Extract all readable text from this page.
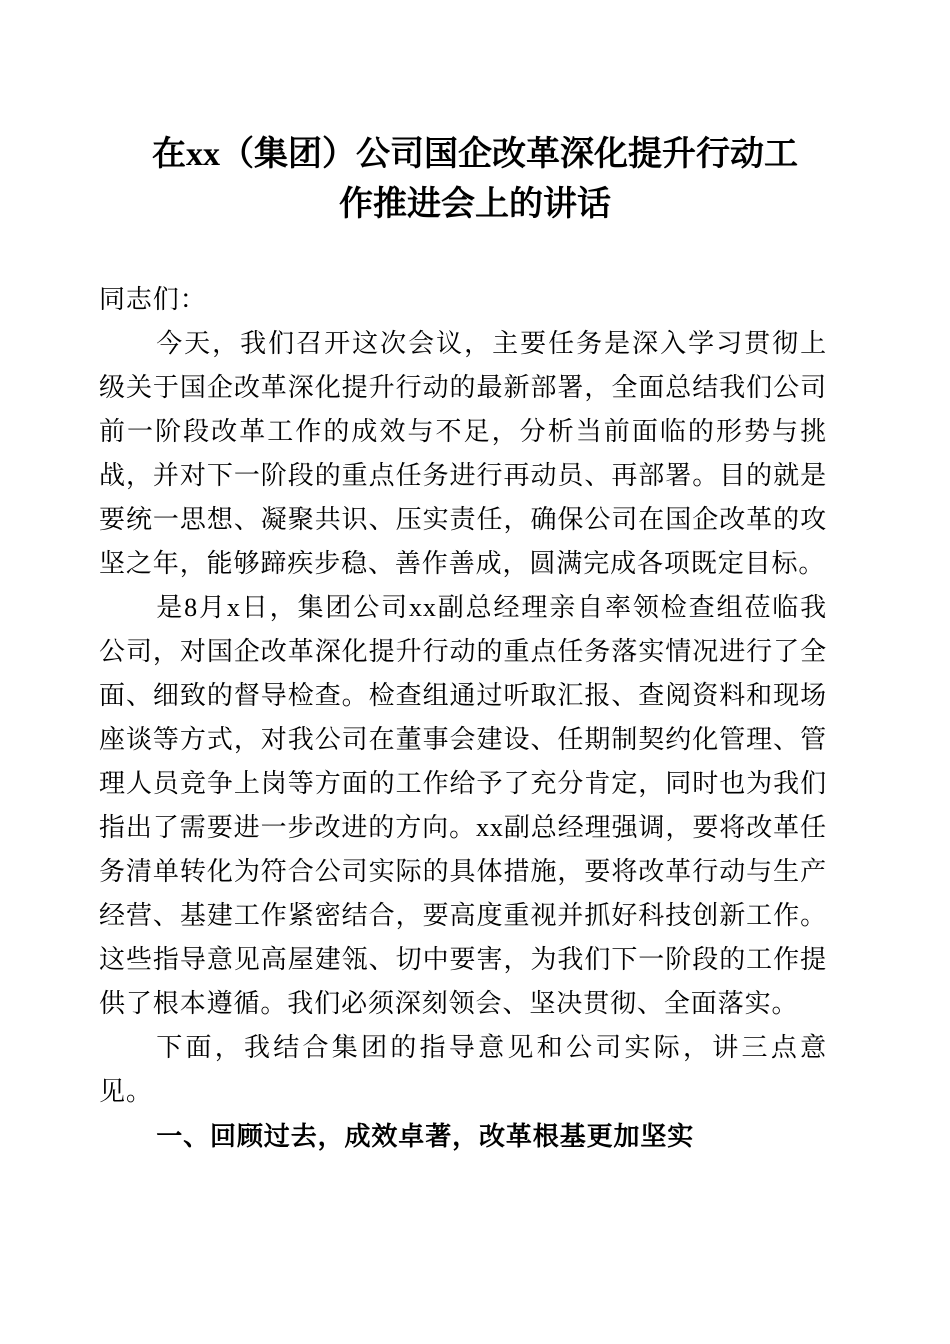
在xx（集团）公司国企改革深化提升行动工作推进会上的讲话

同志们：

今天，我们召开这次会议，主要任务是深入学习贯彻上级关于国企改革深化提升行动的最新部署，全面总结我们公司前一阶段改革工作的成效与不足，分析当前面临的形势与挑战，并对下一阶段的重点任务进行再动员、再部署。目的就是要统一思想、凝聚共识、压实责任，确保公司在国企改革的攻坚之年，能够蹄疾步稳、善作善成，圆满完成各项既定目标。

是8月x日，集团公司xx副总经理亲自率领检查组莅临我公司，对国企改革深化提升行动的重点任务落实情况进行了全面、细致的督导检查。检查组通过听取汇报、查阅资料和现场座谈等方式，对我公司在董事会建设、任期制契约化管理、管理人员竞争上岗等方面的工作给予了充分肯定，同时也为我们指出了需要进一步改进的方向。xx副总经理强调，要将改革任务清单转化为符合公司实际的具体措施，要将改革行动与生产经营、基建工作紧密结合，要高度重视并抓好科技创新工作。这些指导意见高屋建瓴、切中要害，为我们下一阶段的工作提供了根本遵循。我们必须深刻领会、坚决贯彻、全面落实。

下面，我结合集团的指导意见和公司实际，讲三点意见。

一、回顾过去，成效卓著，改革根基更加坚实
